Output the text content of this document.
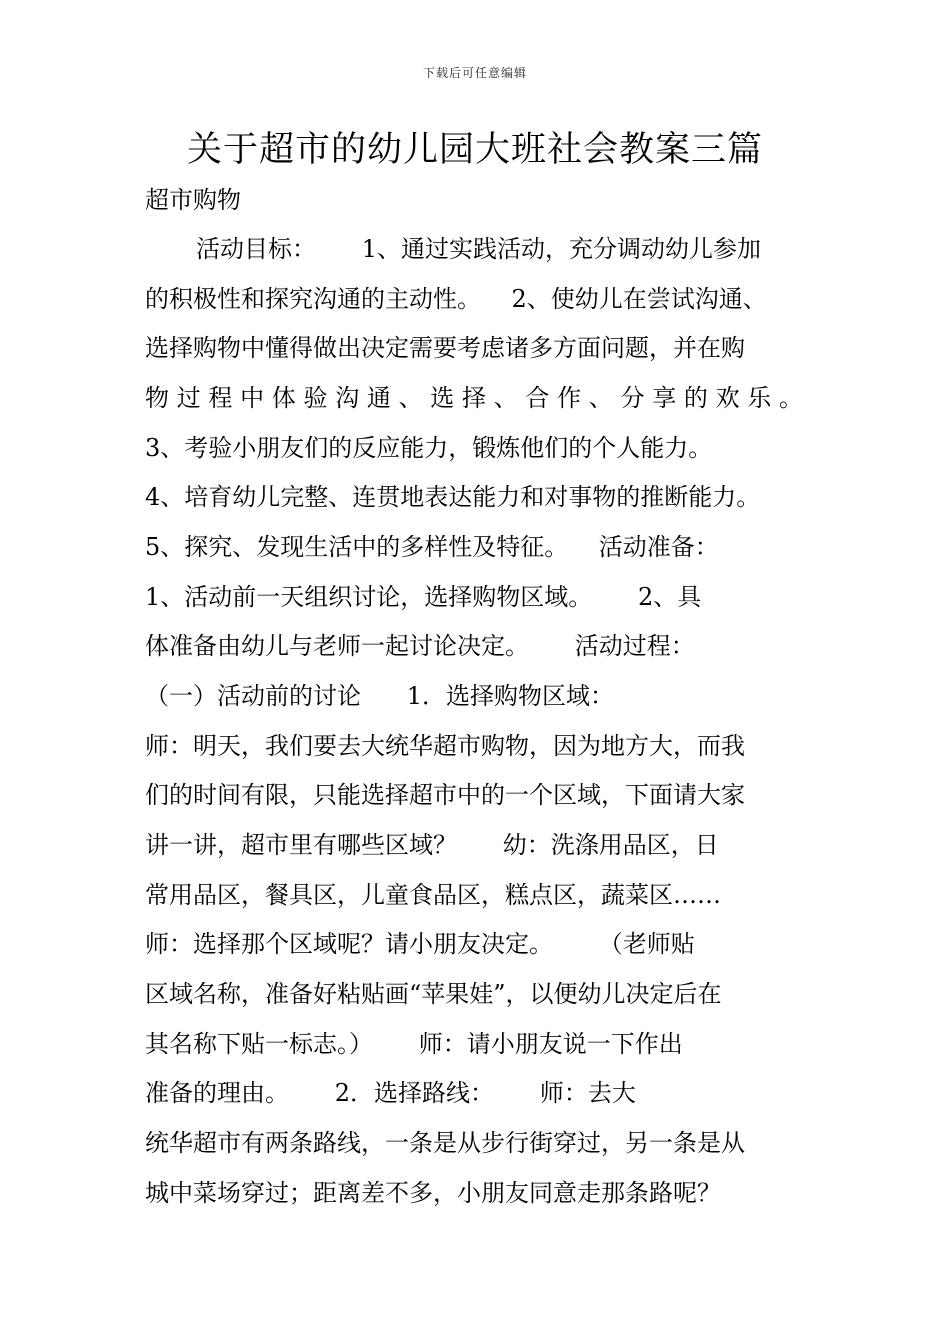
下载后可任意编辑
关于超市的幼儿园大班社会教案三篇
超市购物
活动目标：      1、通过实践活动，充分调动幼儿参加
的积极性和探究沟通的主动性。    2、使幼儿在尝试沟通、
选择购物中懂得做出决定需要考虑诸多方面问题，并在购
物过程中体验沟通、选择、合作、分享的欢乐。
3、考验小朋友们的反应能力，锻炼他们的个人能力。
4、培育幼儿完整、连贯地表达能力和对事物的推断能力。
5、探究、发现生活中的多样性及特征。    活动准备：
1、活动前一天组织讨论，选择购物区域。      2、具
体准备由幼儿与老师一起讨论决定。      活动过程：
（一）活动前的讨论      1．选择购物区域：
师：明天，我们要去大统华超市购物，因为地方大，而我
们的时间有限，只能选择超市中的一个区域，下面请大家
讲一讲，超市里有哪些区域？      幼：洗涤用品区，日
常用品区，餐具区，儿童食品区，糕点区，蔬菜区……
师：选择那个区域呢？请小朋友决定。      （老师贴
区域名称，准备好粘贴画“苹果娃”，以便幼儿决定后在
其名称下贴一标志。）      师：请小朋友说一下作出
准备的理由。      2．选择路线：      师：去大
统华超市有两条路线，一条是从步行街穿过，另一条是从
城中菜场穿过；距离差不多，小朋友同意走那条路呢？
